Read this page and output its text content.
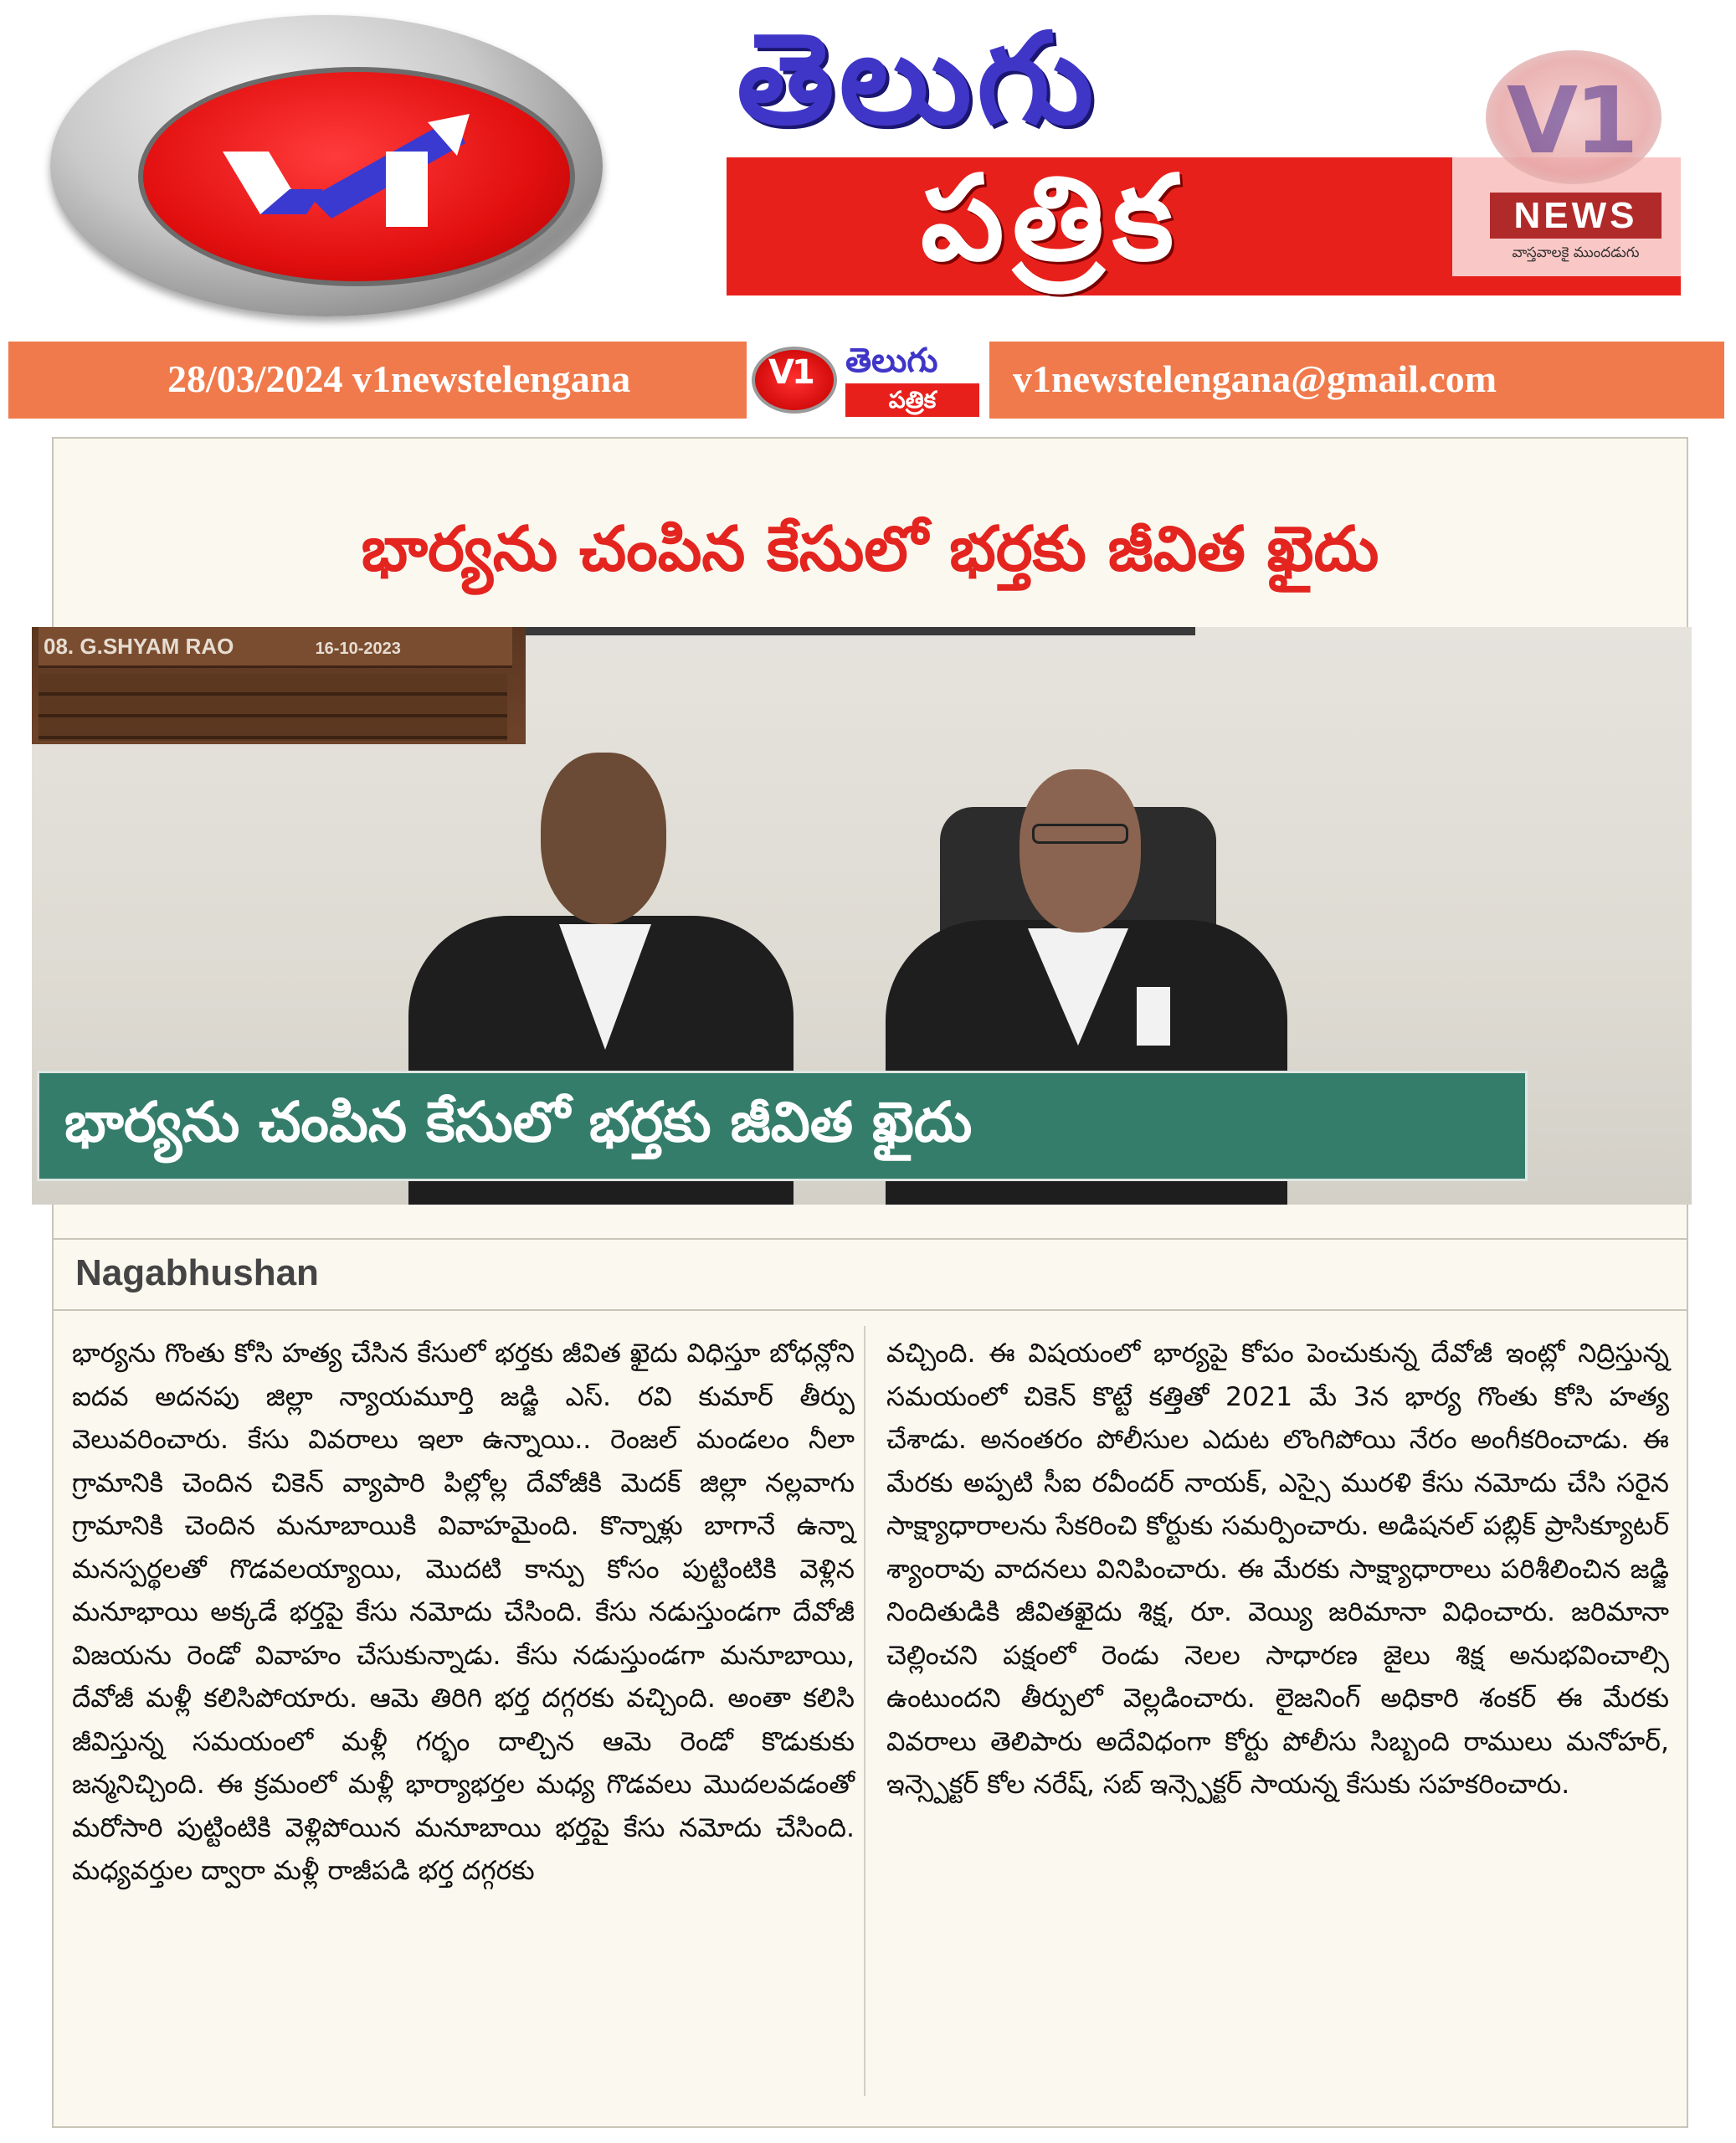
తెలుగు
పత్రిక
V1
NEWS
వాస్తవాలకై ముందడుగు
28/03/2024 v1newstelengana	V1 తెలుగు
పత్రిక	v1newstelengana@gmail.com
భార్యను చంపిన కేసులో భర్తకు జీవిత ఖైదు
08. G.SHYAM RAO	16-10-2023
భార్యను చంపిన కేసులో భర్తకు జీవిత ఖైదు
Nagabhushan
భార్యను గొంతు కోసి హత్య చేసిన కేసులో భర్తకు జీవిత ఖైదు విధిస్తూ బోధన్లోని ఐదవ అదనపు జిల్లా న్యాయమూర్తి జడ్జి ఎస్. రవి కుమార్ తీర్పు వెలువరించారు. కేసు వివరాలు ఇలా ఉన్నాయి.. రెంజల్ మండలం నీలా గ్రామానికి చెందిన చికెన్ వ్యాపారి పిల్లోల్ల దేవోజీకి మెదక్ జిల్లా నల్లవాగు గ్రామానికి చెందిన మనూబాయికి వివాహమైంది. కొన్నాళ్లు బాగానే ఉన్నా మనస్పర్థలతో గొడవలయ్యాయి, మొదటి కాన్పు కోసం పుట్టింటికి వెళ్లిన మనూభాయి అక్కడే భర్తపై కేసు నమోదు చేసింది. కేసు నడుస్తుండగా దేవోజీ విజయను రెండో వివాహం చేసుకున్నాడు. కేసు నడుస్తుండగా మనూబాయి, దేవోజీ మళ్లీ కలిసిపోయారు. ఆమె తిరిగి భర్త దగ్గరకు వచ్చింది. అంతా కలిసి జీవిస్తున్న సమయంలో మళ్లీ గర్భం దాల్చిన ఆమె రెండో కొడుకుకు జన్మనిచ్చింది. ఈ క్రమంలో మళ్లీ భార్యాభర్తల మధ్య గొడవలు మొదలవడంతో మరోసారి పుట్టింటికి వెళ్లిపోయిన మనూబాయి భర్తపై కేసు నమోదు చేసింది. మధ్యవర్తుల ద్వారా మళ్లీ రాజీపడి భర్త దగ్గరకు
వచ్చింది. ఈ విషయంలో భార్యపై కోపం పెంచుకున్న దేవోజీ ఇంట్లో నిద్రిస్తున్న సమయంలో చికెన్ కొట్టే కత్తితో 2021 మే 3న భార్య గొంతు కోసి హత్య చేశాడు. అనంతరం పోలీసుల ఎదుట లొంగిపోయి నేరం అంగీకరించాడు. ఈ మేరకు అప్పటి సీఐ రవీందర్ నాయక్, ఎస్సై మురళి కేసు నమోదు చేసి సరైన సాక్ష్యాధారాలను సేకరించి కోర్టుకు సమర్పించారు. అడిషనల్ పబ్లిక్ ప్రాసిక్యూటర్ శ్యాంరావు వాదనలు వినిపించారు. ఈ మేరకు సాక్ష్యాధారాలు పరిశీలించిన జడ్జి నిందితుడికి జీవితఖైదు శిక్ష, రూ. వెయ్యి జరిమానా విధించారు. జరిమానా చెల్లించని పక్షంలో రెండు నెలల సాధారణ జైలు శిక్ష అనుభవించాల్సి ఉంటుందని తీర్పులో వెల్లడించారు. లైజనింగ్ అధికారి శంకర్ ఈ మేరకు వివరాలు తెలిపారు అదేవిధంగా కోర్టు పోలీసు సిబ్బంది రాములు మనోహర్, ఇన్స్పెక్టర్ కోల నరేష్, సబ్ ఇన్స్పెక్టర్ సాయన్న కేసుకు సహకరించారు.
